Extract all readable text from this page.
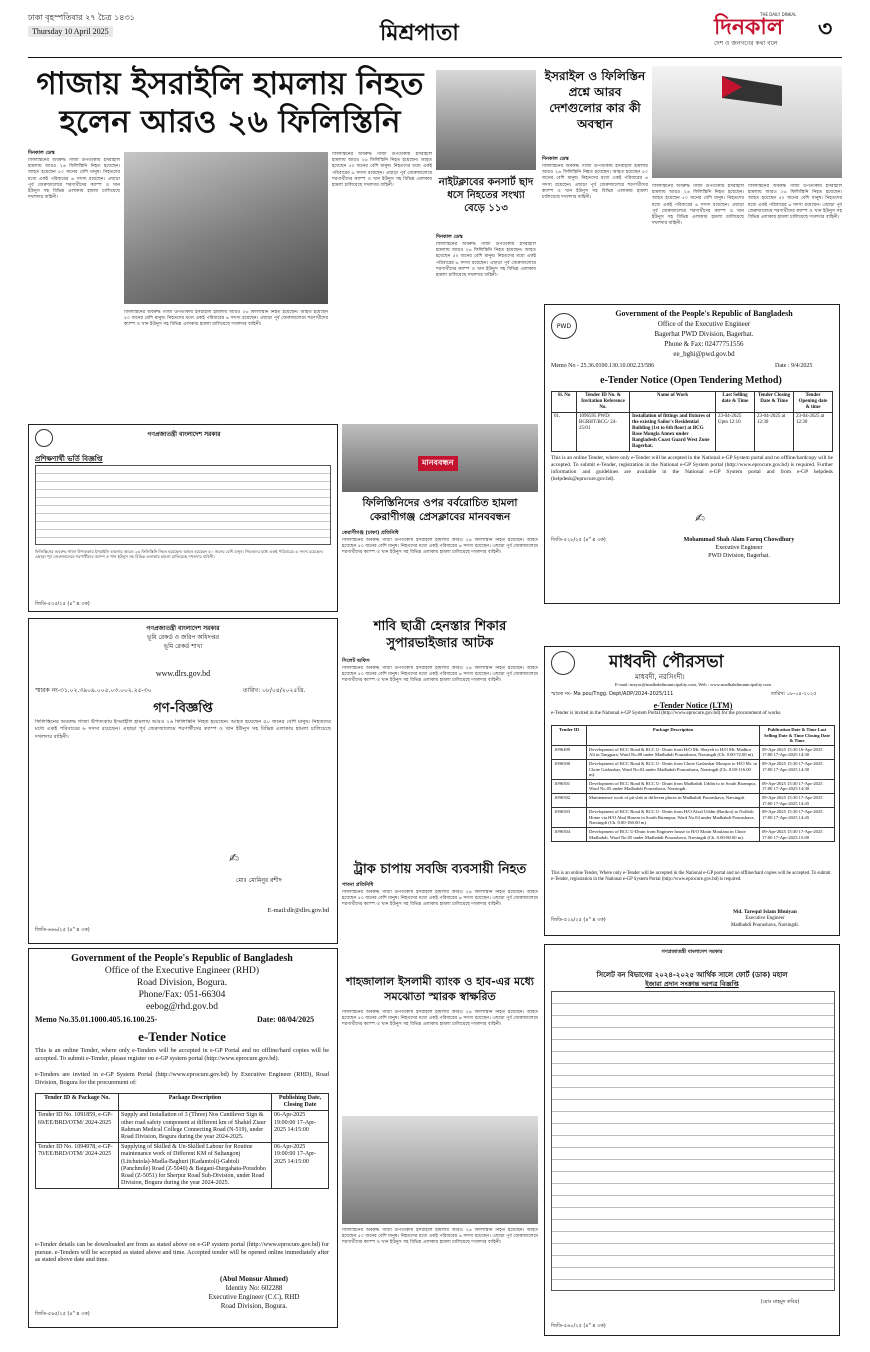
ঢাকা বৃহস্পতিবার ২৭ চৈত্র ১৪৩১
Thursday 10 April 2025	মিশ্রপাতা	দিনকাল
THE DAILY DINKAL
৩
দেশ ও জনগণের কথা বলে
গাজায় ইসরাইলি হামলায় নিহত
হলেন আরও ২৬ ফিলিস্তিনি
দিনকাল ডেস্ক
ফিলিস্তিনের অবরুদ্ধ গাজা উপত্যকায় ইসরাইলি হামলায় আরও ২৬ ফিলিস্তিনি নিহত হয়েছেন। আহত হয়েছেন ৫০ জনের বেশি মানুষ। নিহতদের মধ্যে একই পরিবারের ৬ সদস্য রয়েছেন। এছাড়া পূর্ব জেরুজালেমে শরণার্থীদের ক্যাম্প ও খান ইউনুস সহ বিভিন্ন এলাকায় হামলা চালিয়েছে দখলদার বাহিনী।
ফিলিস্তিনের অবরুদ্ধ গাজা উপত্যকায় ইসরাইলি হামলায় আরও ২৬ ফিলিস্তিনি নিহত হয়েছেন। আহত হয়েছেন ৫০ জনের বেশি মানুষ। নিহতদের মধ্যে একই পরিবারের ৬ সদস্য রয়েছেন। এছাড়া পূর্ব জেরুজালেমে শরণার্থীদের ক্যাম্প ও খান ইউনুস সহ বিভিন্ন এলাকায় হামলা চালিয়েছে দখলদার বাহিনী।
ফিলিস্তিনের অবরুদ্ধ গাজা উপত্যকায় ইসরাইলি হামলায় আরও ২৬ ফিলিস্তিনি নিহত হয়েছেন। আহত হয়েছেন ৫০ জনের বেশি মানুষ। নিহতদের মধ্যে একই পরিবারের ৬ সদস্য রয়েছেন। এছাড়া পূর্ব জেরুজালেমে শরণার্থীদের ক্যাম্প ও খান ইউনুস সহ বিভিন্ন এলাকায় হামলা চালিয়েছে দখলদার বাহিনী।	নাইটক্লাবের কনসার্ট ছাদ ধসে নিহতের সংখ্যা বেড়ে ১১৩
দিনকাল ডেস্ক
ফিলিস্তিনের অবরুদ্ধ গাজা উপত্যকায় ইসরাইলি হামলায় আরও ২৬ ফিলিস্তিনি নিহত হয়েছেন। আহত হয়েছেন ৫০ জনের বেশি মানুষ। নিহতদের মধ্যে একই পরিবারের ৬ সদস্য রয়েছেন। এছাড়া পূর্ব জেরুজালেমে শরণার্থীদের ক্যাম্প ও খান ইউনুস সহ বিভিন্ন এলাকায় হামলা চালিয়েছে দখলদার বাহিনী।
ইসরাইল ও ফিলিস্তিন প্রশ্নে আরব দেশগুলোর কার কী অবস্থান
দিনকাল ডেস্ক
ফিলিস্তিনের অবরুদ্ধ গাজা উপত্যকায় ইসরাইলি হামলায় আরও ২৬ ফিলিস্তিনি নিহত হয়েছেন। আহত হয়েছেন ৫০ জনের বেশি মানুষ। নিহতদের মধ্যে একই পরিবারের ৬ সদস্য রয়েছেন। এছাড়া পূর্ব জেরুজালেমে শরণার্থীদের ক্যাম্প ও খান ইউনুস সহ বিভিন্ন এলাকায় হামলা চালিয়েছে দখলদার বাহিনী।
ফিলিস্তিনের অবরুদ্ধ গাজা উপত্যকায় ইসরাইলি হামলায় আরও ২৬ ফিলিস্তিনি নিহত হয়েছেন। আহত হয়েছেন ৫০ জনের বেশি মানুষ। নিহতদের মধ্যে একই পরিবারের ৬ সদস্য রয়েছেন। এছাড়া পূর্ব জেরুজালেমে শরণার্থীদের ক্যাম্প ও খান ইউনুস সহ বিভিন্ন এলাকায় হামলা চালিয়েছে দখলদার বাহিনী।
ফিলিস্তিনের অবরুদ্ধ গাজা উপত্যকায় ইসরাইলি হামলায় আরও ২৬ ফিলিস্তিনি নিহত হয়েছেন। আহত হয়েছেন ৫০ জনের বেশি মানুষ। নিহতদের মধ্যে একই পরিবারের ৬ সদস্য রয়েছেন। এছাড়া পূর্ব জেরুজালেমে শরণার্থীদের ক্যাম্প ও খান ইউনুস সহ বিভিন্ন এলাকায় হামলা চালিয়েছে দখলদার বাহিনী।
PWD
Government of the People's Republic of Bangladesh
Office of the Executive Engineer
Bagerhat PWD Division, Bagerhat.
Phone & Fax: 02477751556
ee_bghi@pwd.gov.bd
Memo No - 25.36.0100.130.10.002.23/586	Date : 9/4/2025
e-Tender Notice (Open Tendering Method)
Sl. No	Tender ID No. & Invitation Reference No.	Name of Work	Last Selling date & Time	Tender Closing Date & Time	Tender Opening date & time
01.	1096595 PWD/ BGRHT/BCG/ 24-25/01	Installation of fittings and fixtures of the existing Sailor's Residential Building (1st to 6th floor) at BCG Base Mongla Annex under Bangladesh Coast Guard West Zone Bagerhat.	23-04-2025 Upto 12:10	23-04-2025 at 12:30	23-04-2025 at 12:30
This is an online Tender, where only e-Tender will be accepted in the National e-GP System portal and no offline/hardcopy will be accepted. To submit e-Tender, registration in the National e-GP System portal (http://www.eprocure.gov.bd) is required. Further information and guidelines are available in the National e-GP System portal and from e-GP helpdesk (helpdesk@eprocure.gov.bd).
✍
Mohammad Shah Alam Faruq Chowdhury
Executive Engineer
PWD Division, Bagerhat.
জিডি-৫২৮/২৫ (৪" x ৩ক)
গণপ্রজাতন্ত্রী বাংলাদেশ সরকার
প্রশিক্ষণার্থী ভর্তি বিজ্ঞপ্তি
ফিলিস্তিনের অবরুদ্ধ গাজা উপত্যকায় ইসরাইলি হামলায় আরও ২৬ ফিলিস্তিনি নিহত হয়েছেন। আহত হয়েছেন ৫০ জনের বেশি মানুষ। নিহতদের মধ্যে একই পরিবারের ৬ সদস্য রয়েছেন। এছাড়া পূর্ব জেরুজালেমে শরণার্থীদের ক্যাম্প ও খান ইউনুস সহ বিভিন্ন এলাকায় হামলা চালিয়েছে দখলদার বাহিনী।
জিডি-৫৩৫/২৫ (৪" x ৩ক)
মানববন্ধন
ফিলিস্তিনিদের ওপর বর্বরোচিত হামলা কেরাণীগঞ্জ প্রেসক্লাবের মানববন্ধন
কেরাণীগঞ্জ (ঢাকা) প্রতিনিধি
ফিলিস্তিনের অবরুদ্ধ গাজা উপত্যকায় ইসরাইলি হামলায় আরও ২৬ ফিলিস্তিনি নিহত হয়েছেন। আহত হয়েছেন ৫০ জনের বেশি মানুষ। নিহতদের মধ্যে একই পরিবারের ৬ সদস্য রয়েছেন। এছাড়া পূর্ব জেরুজালেমে শরণার্থীদের ক্যাম্প ও খান ইউনুস সহ বিভিন্ন এলাকায় হামলা চালিয়েছে দখলদার বাহিনী।
গণপ্রজাতন্ত্রী বাংলাদেশ সরকার
ভূমি রেকর্ড ও জরিপ অধিদপ্তর
ভূমি রেকর্ড শাখা
www.dlrs.gov.bd
স্মারক নং-৩১.০২.৩৯০৯.০০৫.০৩.০০২.২৫-৩০	তারিখ: ০৮/০৪/২০২৫খ্রি.
গণ-বিজ্ঞপ্তি
ফিলিস্তিনের অবরুদ্ধ গাজা উপত্যকায় ইসরাইলি হামলায় আরও ২৬ ফিলিস্তিনি নিহত হয়েছেন। আহত হয়েছেন ৫০ জনের বেশি মানুষ। নিহতদের মধ্যে একই পরিবারের ৬ সদস্য রয়েছেন। এছাড়া পূর্ব জেরুজালেমে শরণার্থীদের ক্যাম্প ও খান ইউনুস সহ বিভিন্ন এলাকায় হামলা চালিয়েছে দখলদার বাহিনী।
✍
মোঃ মোমিনুর রশীদ
E-mail:dlr@dlrs.gov.bd
জিডি-৬৬৬/২৫ (৪" x ৩ক)
শাবি ছাত্রী হেনস্তার শিকার সুপারভাইজার আটক
সিলেট অফিস
ফিলিস্তিনের অবরুদ্ধ গাজা উপত্যকায় ইসরাইলি হামলায় আরও ২৬ ফিলিস্তিনি নিহত হয়েছেন। আহত হয়েছেন ৫০ জনের বেশি মানুষ। নিহতদের মধ্যে একই পরিবারের ৬ সদস্য রয়েছেন। এছাড়া পূর্ব জেরুজালেমে শরণার্থীদের ক্যাম্প ও খান ইউনুস সহ বিভিন্ন এলাকায় হামলা চালিয়েছে দখলদার বাহিনী।
ট্রাক চাপায় সবজি ব্যবসায়ী নিহত
পাবনা প্রতিনিধি
ফিলিস্তিনের অবরুদ্ধ গাজা উপত্যকায় ইসরাইলি হামলায় আরও ২৬ ফিলিস্তিনি নিহত হয়েছেন। আহত হয়েছেন ৫০ জনের বেশি মানুষ। নিহতদের মধ্যে একই পরিবারের ৬ সদস্য রয়েছেন। এছাড়া পূর্ব জেরুজালেমে শরণার্থীদের ক্যাম্প ও খান ইউনুস সহ বিভিন্ন এলাকায় হামলা চালিয়েছে দখলদার বাহিনী।
শাহজালাল ইসলামী ব্যাংক ও হাব-এর মধ্যে সমঝোতা স্মারক স্বাক্ষরিত
ফিলিস্তিনের অবরুদ্ধ গাজা উপত্যকায় ইসরাইলি হামলায় আরও ২৬ ফিলিস্তিনি নিহত হয়েছেন। আহত হয়েছেন ৫০ জনের বেশি মানুষ। নিহতদের মধ্যে একই পরিবারের ৬ সদস্য রয়েছেন। এছাড়া পূর্ব জেরুজালেমে শরণার্থীদের ক্যাম্প ও খান ইউনুস সহ বিভিন্ন এলাকায় হামলা চালিয়েছে দখলদার বাহিনী।
ফিলিস্তিনের অবরুদ্ধ গাজা উপত্যকায় ইসরাইলি হামলায় আরও ২৬ ফিলিস্তিনি নিহত হয়েছেন। আহত হয়েছেন ৫০ জনের বেশি মানুষ। নিহতদের মধ্যে একই পরিবারের ৬ সদস্য রয়েছেন। এছাড়া পূর্ব জেরুজালেমে শরণার্থীদের ক্যাম্প ও খান ইউনুস সহ বিভিন্ন এলাকায় হামলা চালিয়েছে দখলদার বাহিনী।
মাধবদী পৌরসভা
মাধবদী, নরসিংদী।
E-mail: mayor@madhabdimunicipality.com, Web : www.madhabdimunicipality.com
স্মারক নং- Ma pou/Tngg. Dept/ADP/2024-2025/111	তারিখ: ০৮-০৪-২০২৫
e-Tender Notice (LTM)
e-Tender is invited in the National e-GP System Portal (http://www.eprocure.gov.bd) for the procurement of works.
Tender ID	Package Description	Publication Date & Time Last Selling Date & Time Closing Date & Time
1096499	Development of RCC Road & RCC U- Drain from H/O Mr. Shayeh to H/O Mr. Madhor Ali in Tangpara, Ward No.08 under Madhabdi Pourashava, Narsingdi (Ch. 0.00-72.00 m).	09-Apr-2025 15:30 16-Apr-2025 17:00 17-Apr-2025 14:30
1096500	Development of RCC Road & RCC U- Drain from Chote Gadarshar Mosque to H/O Mr. in Chote Gadarshar, Ward No.02 under Madhabdi Pourashava, Narsingdi (Ch. 0.00-116.00 m).	09-Apr-2025 15:30 17-Apr-2025 17:00 17-Apr-2025 14:30
1096501	Development of RCC Road & RCC U- Drain from Madhabdi Uddin to in South Birampur, Ward No.05 under Madhabdi Pourashava, Narsingdi.	09-Apr-2025 15:30 17-Apr-2025 17:00 17-Apr-2025 14:30
1096502	Maintenance work of pit slab at different places in Madhabdi Pourashava, Narsingdi.	09-Apr-2025 15:30 17-Apr-2025 17:00 17-Apr-2025 14:45
1096503	Development of RCC Road & RCC U- Drain from H/O Afzal Uddin (Barikot) to Nolibili Home via H/O Abul Hasem in South Birampur, Ward No.04 under Madhabdi Pourashava, Narsingdi (Ch. 0.00-160.00 m).	09-Apr-2025 15:30 17-Apr-2025 17:00 17-Apr-2025 14:45
1096504	Development of RCC U-Drain from Engineer house to H/O Motin Moulana in Chote Madhabdi, Ward No.05 under Madhabdi Pourashava, Narsingdi (Ch. 0.00-80.00 m).	09-Apr-2025 15:30 17-Apr-2025 17:00 17-Apr-2025 15:00
This is an online Tender, Where only e-Tender will be accepted in the National e-GP portal and no offline/hard copies will be accepted. To submit e-Tender, registration in the National e-GP System Portal (http://www.eprocure.gov.bd) is required.
Md. Tarequl Islam Bhuiyan
Executive Engineer
Madhabdi Pourashava, Narsingdi.
জিডি-৫২৯/২৫ (৪" x ৩ক)
Government of the People's Republic of Bangladesh
Office of the Executive Engineer (RHD)
Road Division, Bogura.
Phone/Fax: 051-66304
eebog@rhd.gov.bd
Memo No.35.01.1000.405.16.100.25-	Date: 08/04/2025
e-Tender Notice
This is an online Tender, where only e-Tenders will be accepted in e-GP Portal and no offline/hard copies will be accepted. To submit e-Tender, please register on e-GP system portal (http://www.eprocure.gov.bd).
e-Tenders are invited in e-GP System Portal (http://www.eprocure.gov.bd) by Executive Engineer (RHD), Road Division, Bogura for the procurement of:
Tender ID & Package No.	Package Description	Publishing Date, Closing Date
Tender ID No. 1091859, e-GP-69/EE/BRD/OTM/ 2024-2025	Supply and Installation of 3 (Three) Nos Cantilever Sign & other road safety component at different km of Shahid Ziaur Rahman Medical College Connecting Road (N-519), under Road Division, Bogura during the year 2024-2025.	06-Apr-2025 19:00:00 17-Apr-2025 14:15:00
Tender ID No. 1094978, e-GP-70/EE/BRD/OTM/ 2024-2025	Supplying of Skilled & Un-Skilled Labour for Routine maintenance work of Different KM of Sultangonj (Litchutola)-Madla-Baghuri (Kadamtoli)-Gabtoli (Panchmile) Road (Z-5040) & Baigani-Durgahata-Poradoho Road (Z-5051) for Sherpur Road Sub-Division, under Road Division, Bogura during the year 2024-2025.	06-Apr-2025 19:00:00 17-Apr-2025 14:15:00
e-Tender details can be downloaded are from as stated above on e-GP system portal (http://www.eprocure.gov.bd) for pursue. e-Tenders will be accepted as stated above and time. Accepted tender will be opened online immediately after as stated above date and time.
(Abul Monsur Ahmed)
Identity No: 602288
Executive Engineer (C.C), RHD
Road Division, Bogura.
জিডি-৫৬৫/২৫ (৪" x ৩ক)
গণপ্রজাতন্ত্রী বাংলাদেশ সরকার
সিলেট বন বিভাগের ২০২৪-২০২৫ আর্থিক সালে ফোর্ট (ডাক) মহাল
ইজারা প্রদান সংক্রান্ত দরপত্র বিজ্ঞপ্তি
(মোঃ মাহমুদ কবির)
জিডি-৫৬০/২৫ (৪" x ৩ক)
